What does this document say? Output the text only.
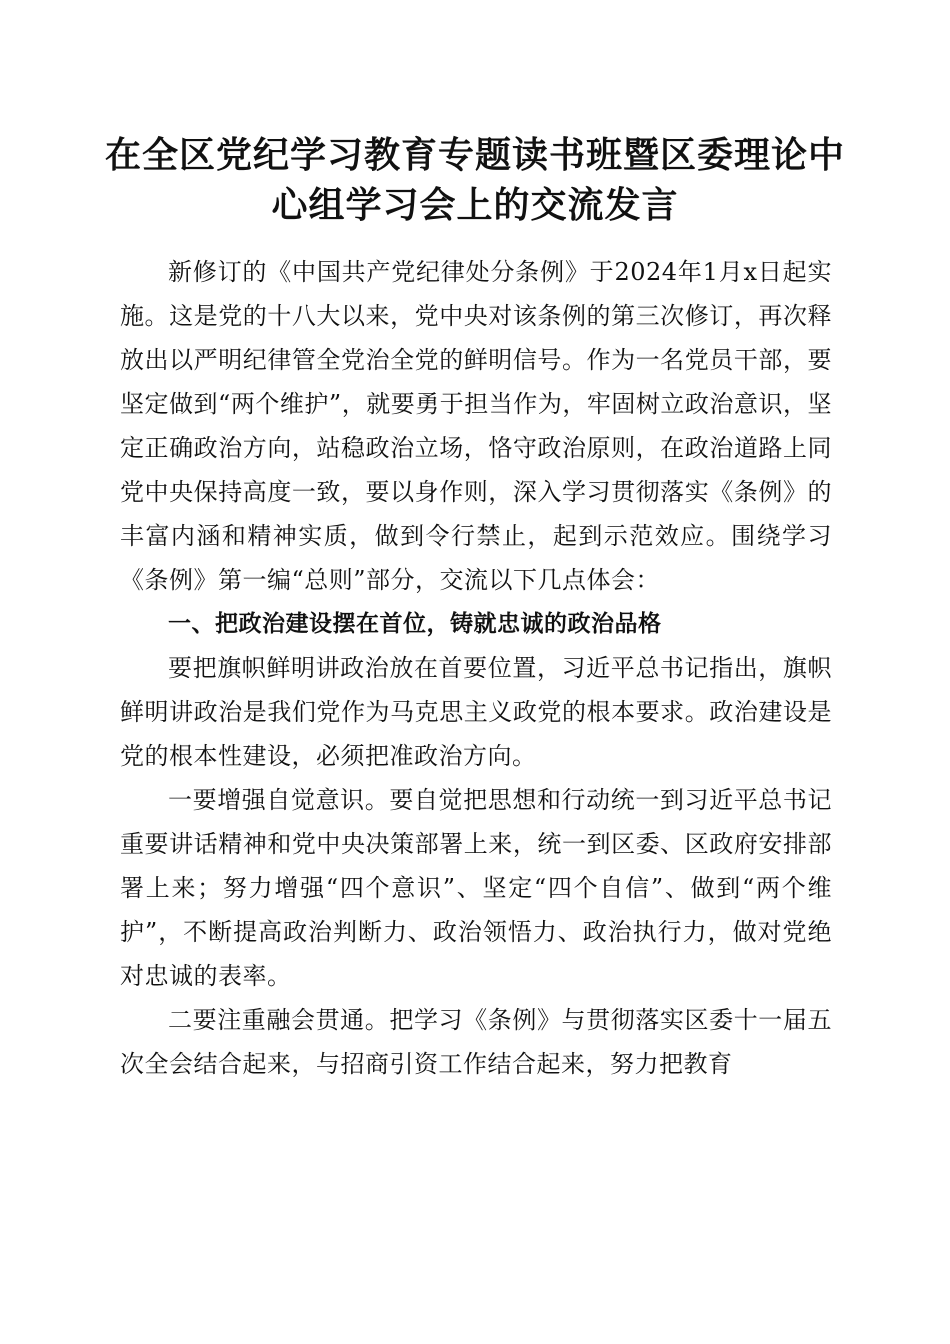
在全区党纪学习教育专题读书班暨区委理论中
心组学习会上的交流发言

新修订的《中国共产党纪律处分条例》于2024年1月x日起实施。这是党的十八大以来，党中央对该条例的第三次修订，再次释放出以严明纪律管全党治全党的鲜明信号。作为一名党员干部，要坚定做到“两个维护”，就要勇于担当作为，牢固树立政治意识，坚定正确政治方向，站稳政治立场，恪守政治原则，在政治道路上同党中央保持高度一致，要以身作则，深入学习贯彻落实《条例》的丰富内涵和精神实质，做到令行禁止，起到示范效应。围绕学习《条例》第一编“总则”部分，交流以下几点体会：

一、把政治建设摆在首位，铸就忠诚的政治品格

要把旗帜鲜明讲政治放在首要位置，习近平总书记指出，旗帜鲜明讲政治是我们党作为马克思主义政党的根本要求。政治建设是党的根本性建设，必须把准政治方向。

一要增强自觉意识。要自觉把思想和行动统一到习近平总书记重要讲话精神和党中央决策部署上来，统一到区委、区政府安排部署上来；努力增强“四个意识”、坚定“四个自信”、做到“两个维护”，不断提高政治判断力、政治领悟力、政治执行力，做对党绝对忠诚的表率。

二要注重融会贯通。把学习《条例》与贯彻落实区委十一届五次全会结合起来，与招商引资工作结合起来，努力把教育
